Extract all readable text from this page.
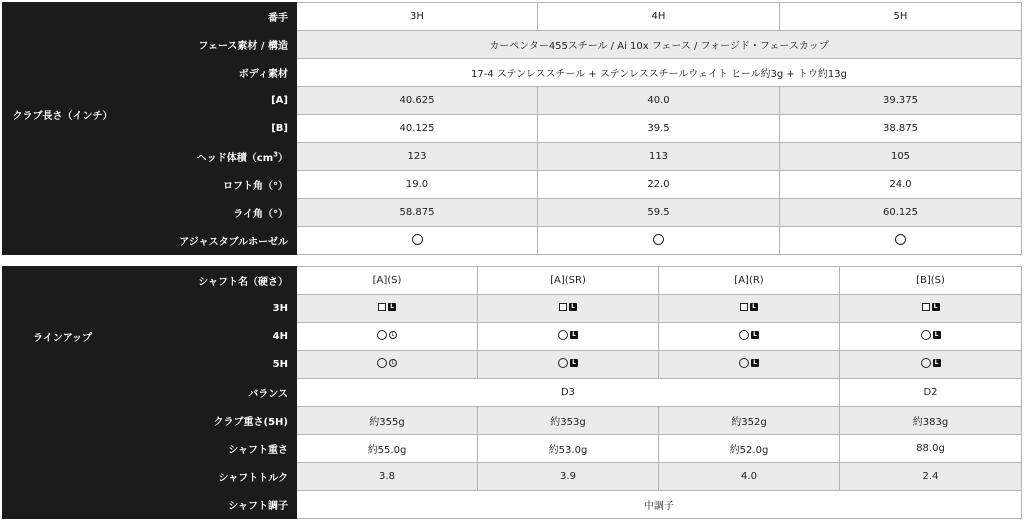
	番手	3H	4H	5H
	フェース素材 / 構造	カーペンター455スチール / Ai 10x フェース / フォージド・フェースカップ		
	ボディ素材	17-4 ステンレススチール + ステンレススチールウェイト ヒール約3g + トウ約13g		
クラブ長さ（インチ）	[A]	40.625	40.0	39.375
	[B]	40.125	39.5	38.875
	ヘッド体積$(cm^3)$	123	113	105
	ロフト角（°）	19.0	22.0	24.0
	ライ角（°）	58.875	59.5	60.125
	アジャスタブルホーゼル			
	シャフト名（硬さ）	[A](S)	[A](SR)	[A](R)	[B](S)
	3H	L	L	L	L

ラインアップ	4H	L	L	L	L

	5H	L	L	L	L

	バランス	D3			D2
	クラブ重さ(5H)	約355g	約353g	約352g	約383g
	シャフト重さ	約55.0g	約53.0g	約52.0g	88.0g
	シャフトトルク	3.8	3.9	4.0	2.4
	シャフト調子	中調子			
